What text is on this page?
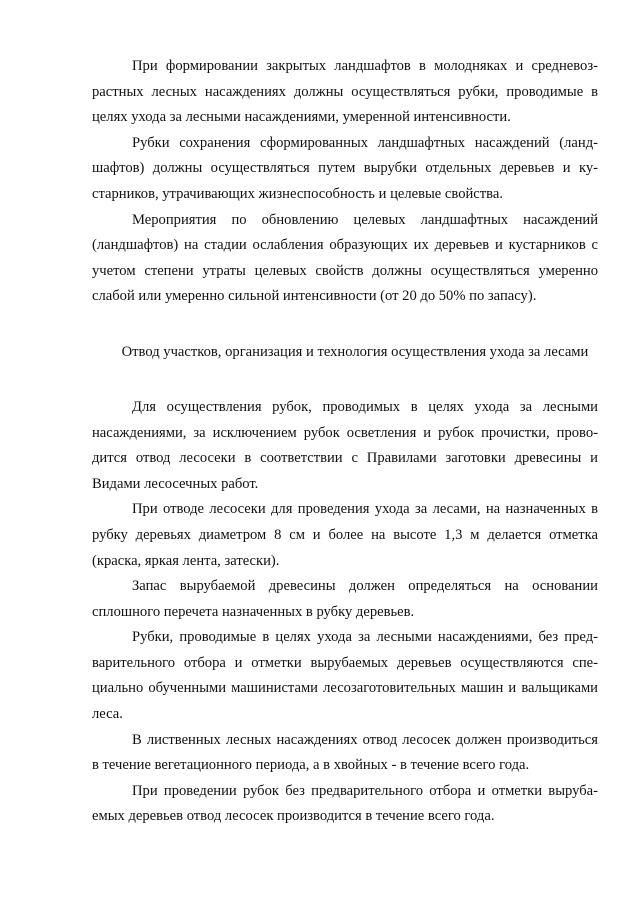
При формировании закрытых ландшафтов в молодняках и средневозрастных лесных насаждениях должны осуществляться рубки, проводимые в целях ухода за лесными насаждениями, умеренной интенсивности.

Рубки сохранения сформированных ландшафтных насаждений (ландшафтов) должны осуществляться путем вырубки отдельных деревьев и кустарников, утрачивающих жизнеспособность и целевые свойства.

Мероприятия по обновлению целевых ландшафтных насаждений (ландшафтов) на стадии ослабления образующих их деревьев и кустарников с учетом степени утраты целевых свойств должны осуществляться умеренно слабой или умеренно сильной интенсивности (от 20 до 50% по запасу).

Отвод участков, организация и технология осуществления ухода за лесами

Для осуществления рубок, проводимых в целях ухода за лесными насаждениями, за исключением рубок осветления и рубок прочистки, проводится отвод лесосеки в соответствии с Правилами заготовки древесины и Видами лесосечных работ.

При отводе лесосеки для проведения ухода за лесами, на назначенных в рубку деревьях диаметром 8 см и более на высоте 1,3 м делается отметка (краска, яркая лента, затески).

Запас вырубаемой древесины должен определяться на основании сплошного перечета назначенных в рубку деревьев.

Рубки, проводимые в целях ухода за лесными насаждениями, без предварительного отбора и отметки вырубаемых деревьев осуществляются специально обученными машинистами лесозаготовительных машин и вальщиками леса.

В лиственных лесных насаждениях отвод лесосек должен производиться в течение вегетационного периода, а в хвойных - в течение всего года.

При проведении рубок без предварительного отбора и отметки вырубаемых деревьев отвод лесосек производится в течение всего года.
